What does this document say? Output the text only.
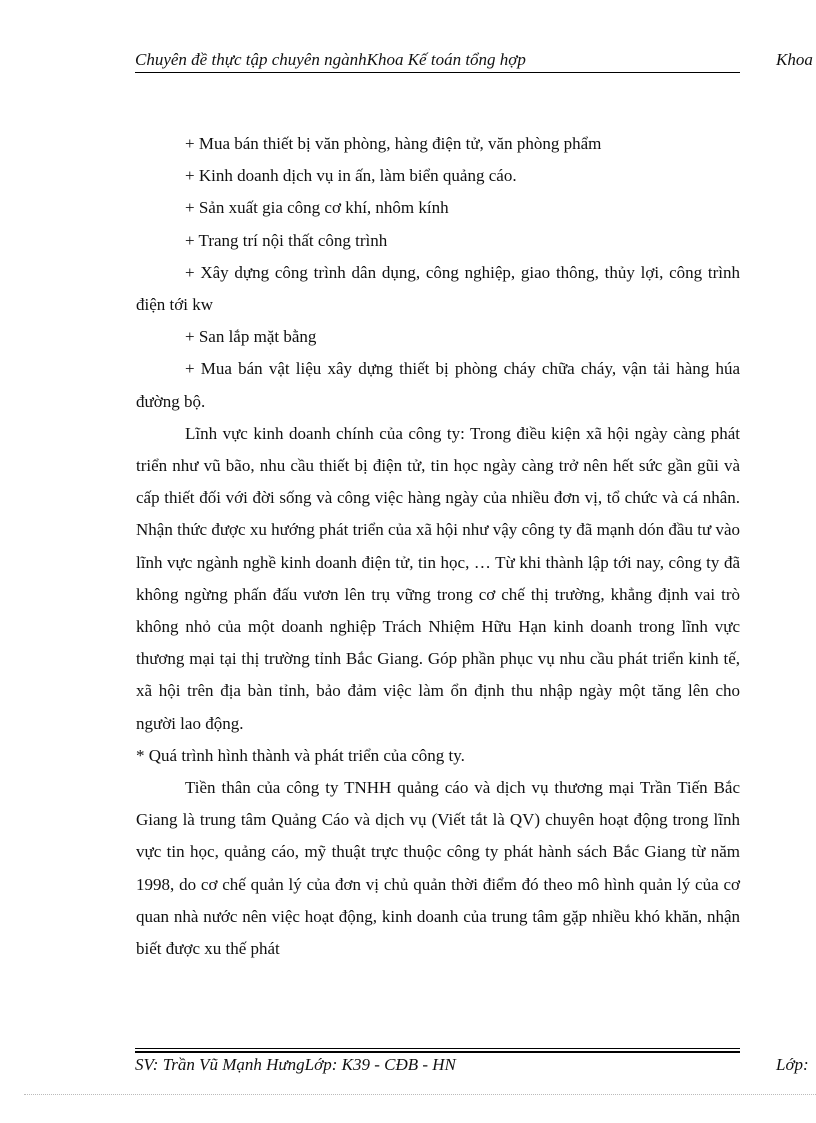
Chuyên đề thực tập chuyên ngànhKhoa Kế toán tổng hợp	Khoa

+ Mua bán thiết bị văn phòng, hàng điện tử, văn phòng phẩm

+ Kinh doanh dịch vụ in ấn, làm biển quảng cáo.

+ Sản xuất gia công cơ khí, nhôm kính

+ Trang trí nội thất công trình

+ Xây dựng công trình dân dụng, công nghiệp, giao thông, thủy lợi, công trình điện tới kw

+ San lắp mặt bằng

+ Mua bán vật liệu xây dựng thiết bị phòng cháy chữa cháy, vận tải hàng húa đường bộ.

Lĩnh vực kinh doanh chính của công ty: Trong điều kiện xã hội ngày càng phát triển như vũ bão, nhu cầu thiết bị điện tử, tin học ngày càng trở nên hết sức gần gũi và cấp thiết đối với đời sống và công việc hàng ngày của nhiều đơn vị, tổ chức và cá nhân. Nhận thức được xu hướng phát triển của xã hội như vậy công ty đã mạnh dón đầu tư vào lĩnh vực ngành nghề kinh doanh điện tử, tin học, … Từ khi thành lập tới nay, công ty đã không ngừng phấn đấu vươn lên trụ vững trong cơ chế thị trường, khẳng định vai trò không nhỏ của một doanh nghiệp Trách Nhiệm Hữu Hạn kinh doanh trong lĩnh vực thương mại tại thị trường tỉnh Bắc Giang. Góp phần phục vụ nhu cầu phát triển kinh tế, xã hội trên địa bàn tỉnh, bảo đảm việc làm ổn định thu nhập ngày một tăng lên cho người lao động.

* Quá trình hình thành và phát triển của công ty.

Tiền thân của công ty TNHH quảng cáo và dịch vụ thương mại Trần Tiến Bắc Giang là trung tâm Quảng Cáo và dịch vụ (Viết tắt là QV) chuyên hoạt động trong lĩnh vực tin học, quảng cáo, mỹ thuật trực thuộc công ty phát hành sách Bắc Giang từ năm 1998, do cơ chế quản lý của đơn vị chủ quản thời điểm đó theo mô hình quản lý của cơ quan nhà nước nên việc hoạt động, kinh doanh của trung tâm gặp nhiều khó khăn, nhận biết được xu thế phát

SV: Trần Vũ Mạnh HưngLớp: K39 - CĐB - HN	Lớp:
